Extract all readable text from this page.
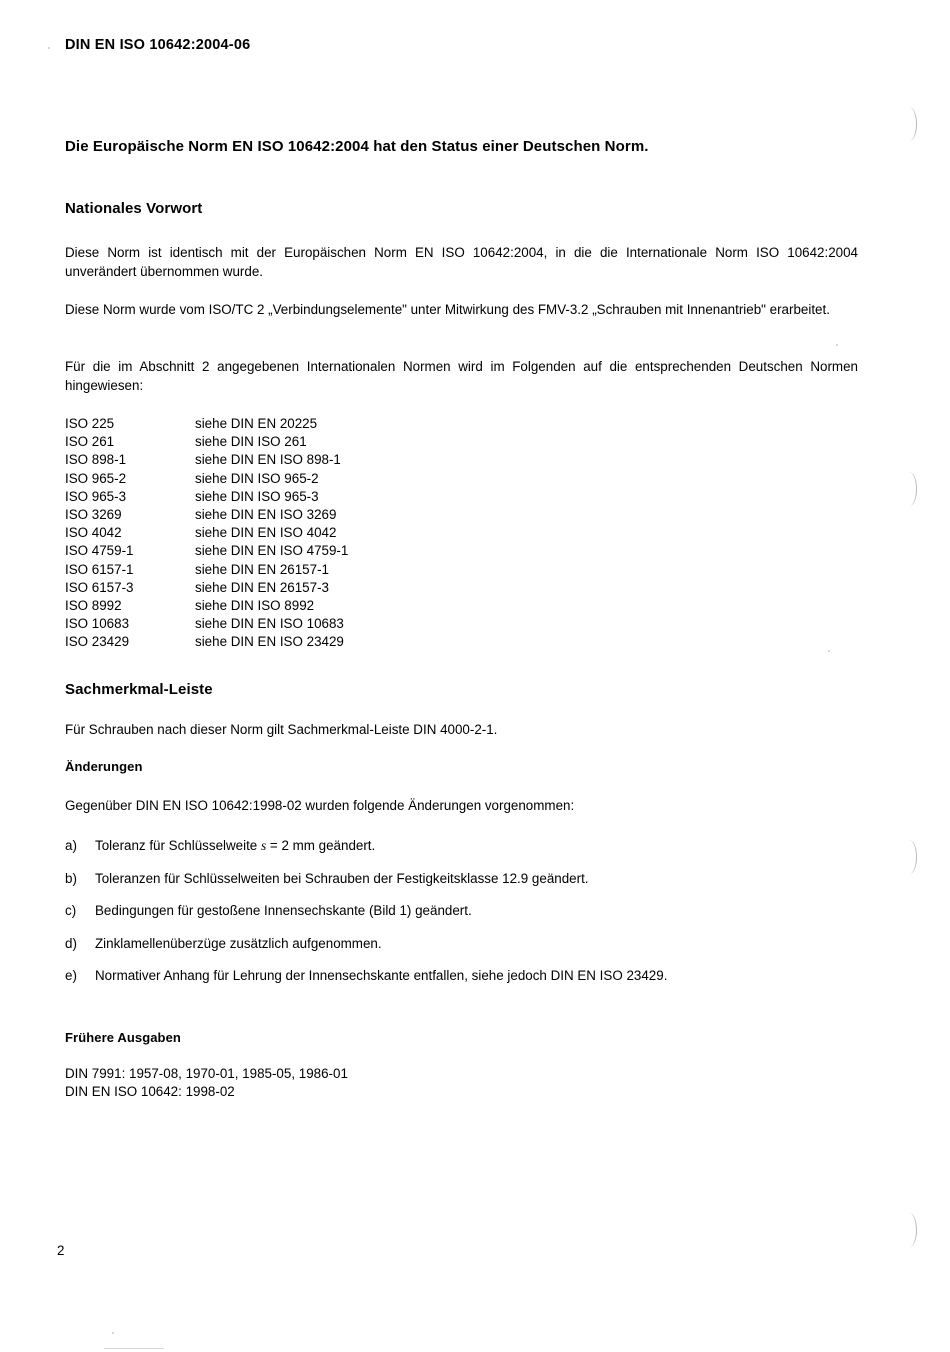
DIN EN ISO 10642:2004-06
Die Europäische Norm EN ISO 10642:2004 hat den Status einer Deutschen Norm.
Nationales Vorwort
Diese Norm ist identisch mit der Europäischen Norm EN ISO 10642:2004, in die die Internationale Norm ISO 10642:2004 unverändert übernommen wurde.
Diese Norm wurde vom ISO/TC 2 „Verbindungselemente" unter Mitwirkung des FMV-3.2 „Schrauben mit Innenantrieb" erarbeitet.
Für die im Abschnitt 2 angegebenen Internationalen Normen wird im Folgenden auf die entsprechenden Deutschen Normen hingewiesen:
ISO 225	siehe DIN EN 20225
ISO 261	siehe DIN ISO 261
ISO 898-1	siehe DIN EN ISO 898-1
ISO 965-2	siehe DIN ISO 965-2
ISO 965-3	siehe DIN ISO 965-3
ISO 3269	siehe DIN EN ISO 3269
ISO 4042	siehe DIN EN ISO 4042
ISO 4759-1	siehe DIN EN ISO 4759-1
ISO 6157-1	siehe DIN EN 26157-1
ISO 6157-3	siehe DIN EN 26157-3
ISO 8992	siehe DIN ISO 8992
ISO 10683	siehe DIN EN ISO 10683
ISO 23429	siehe DIN EN ISO 23429
Sachmerkmal-Leiste
Für Schrauben nach dieser Norm gilt Sachmerkmal-Leiste DIN 4000-2-1.
Änderungen
Gegenüber DIN EN ISO 10642:1998-02 wurden folgende Änderungen vorgenommen:
a)	Toleranz für Schlüsselweite s = 2 mm geändert.
b)	Toleranzen für Schlüsselweiten bei Schrauben der Festigkeitsklasse 12.9 geändert.
c)	Bedingungen für gestoßene Innensechskante (Bild 1) geändert.
d)	Zinklamellenüberzüge zusätzlich aufgenommen.
e)	Normativer Anhang für Lehrung der Innensechskante entfallen, siehe jedoch DIN EN ISO 23429.
Frühere Ausgaben
DIN 7991: 1957-08, 1970-01, 1985-05, 1986-01
DIN EN ISO 10642: 1998-02
2
